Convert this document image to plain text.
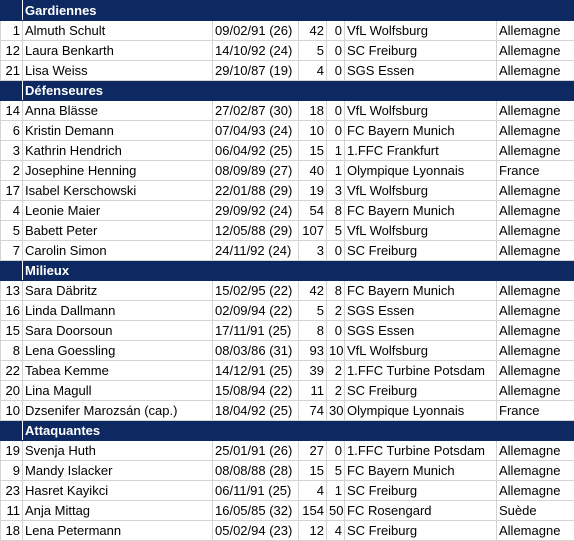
	Gardiennes					
1	Almuth Schult	09/02/91 (26)	42	0	VfL Wolfsburg	Allemagne
12	Laura Benkarth	14/10/92 (24)	5	0	SC Freiburg	Allemagne
21	Lisa Weiss	29/10/87 (19)	4	0	SGS Essen	Allemagne
	Défenseures					
14	Anna Blässe	27/02/87 (30)	18	0	VfL Wolfsburg	Allemagne
6	Kristin Demann	07/04/93 (24)	10	0	FC Bayern Munich	Allemagne
3	Kathrin Hendrich	06/04/92 (25)	15	1	1.FFC Frankfurt	Allemagne
2	Josephine Henning	08/09/89 (27)	40	1	Olympique Lyonnais	France
17	Isabel Kerschowski	22/01/88 (29)	19	3	VfL Wolfsburg	Allemagne
4	Leonie Maier	29/09/92 (24)	54	8	FC Bayern Munich	Allemagne
5	Babett Peter	12/05/88 (29)	107	5	VfL Wolfsburg	Allemagne
7	Carolin Simon	24/11/92 (24)	3	0	SC Freiburg	Allemagne
	Milieux					
13	Sara Däbritz	15/02/95 (22)	42	8	FC Bayern Munich	Allemagne
16	Linda Dallmann	02/09/94 (22)	5	2	SGS Essen	Allemagne
15	Sara Doorsoun	17/11/91 (25)	8	0	SGS Essen	Allemagne
8	Lena Goessling	08/03/86 (31)	93	10	VfL Wolfsburg	Allemagne
22	Tabea Kemme	14/12/91 (25)	39	2	1.FFC Turbine Potsdam	Allemagne
20	Lina Magull	15/08/94 (22)	11	2	SC Freiburg	Allemagne
10	Dzsenifer Marozsán (cap.)	18/04/92 (25)	74	30	Olympique Lyonnais	France
	Attaquantes					
19	Svenja Huth	25/01/91 (26)	27	0	1.FFC Turbine Potsdam	Allemagne
9	Mandy Islacker	08/08/88 (28)	15	5	FC Bayern Munich	Allemagne
23	Hasret Kayikci	06/11/91 (25)	4	1	SC Freiburg	Allemagne
11	Anja Mittag	16/05/85 (32)	154	50	FC Rosengard	Suède
18	Lena Petermann	05/02/94 (23)	12	4	SC Freiburg	Allemagne
